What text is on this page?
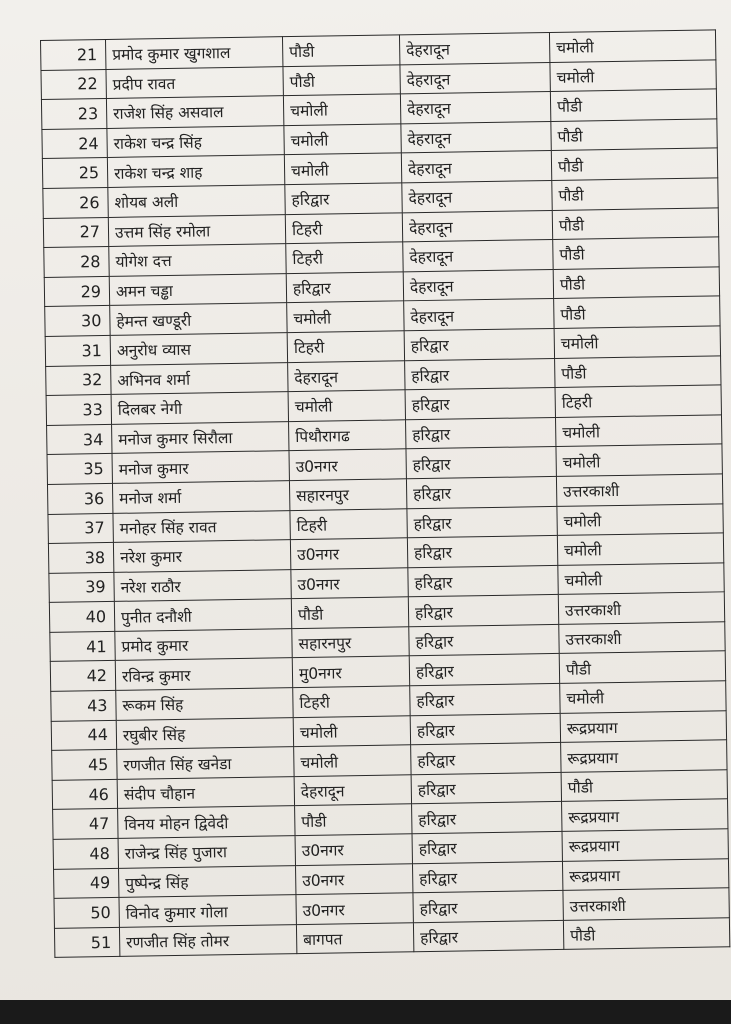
21	प्रमोद कुमार खुगशाल	पौडी	देहरादून	चमोली
22	प्रदीप रावत	पौडी	देहरादून	चमोली
23	राजेश सिंह असवाल	चमोली	देहरादून	पौडी
24	राकेश चन्द्र सिंह	चमोली	देहरादून	पौडी
25	राकेश चन्द्र शाह	चमोली	देहरादून	पौडी
26	शोयब अली	हरिद्वार	देहरादून	पौडी
27	उत्तम सिंह रमोला	टिहरी	देहरादून	पौडी
28	योगेश दत्त	टिहरी	देहरादून	पौडी
29	अमन चड्ढा	हरिद्वार	देहरादून	पौडी
30	हेमन्त खण्डूरी	चमोली	देहरादून	पौडी
31	अनुरोध व्यास	टिहरी	हरिद्वार	चमोली
32	अभिनव शर्मा	देहरादून	हरिद्वार	पौडी
33	दिलबर नेगी	चमोली	हरिद्वार	टिहरी
34	मनोज कुमार सिरौला	पिथौरागढ	हरिद्वार	चमोली
35	मनोज कुमार	उ0नगर	हरिद्वार	चमोली
36	मनोज शर्मा	सहारनपुर	हरिद्वार	उत्तरकाशी
37	मनोहर सिंह रावत	टिहरी	हरिद्वार	चमोली
38	नरेश कुमार	उ0नगर	हरिद्वार	चमोली
39	नरेश राठौर	उ0नगर	हरिद्वार	चमोली
40	पुनीत दनौशी	पौडी	हरिद्वार	उत्तरकाशी
41	प्रमोद कुमार	सहारनपुर	हरिद्वार	उत्तरकाशी
42	रविन्द्र कुमार	मु0नगर	हरिद्वार	पौडी
43	रूकम सिंह	टिहरी	हरिद्वार	चमोली
44	रघुबीर सिंह	चमोली	हरिद्वार	रूद्रप्रयाग
45	रणजीत सिंह खनेडा	चमोली	हरिद्वार	रूद्रप्रयाग
46	संदीप चौहान	देहरादून	हरिद्वार	पौडी
47	विनय मोहन द्विवेदी	पौडी	हरिद्वार	रूद्रप्रयाग
48	राजेन्द्र सिंह पुजारा	उ0नगर	हरिद्वार	रूद्रप्रयाग
49	पुष्पेन्द्र सिंह	उ0नगर	हरिद्वार	रूद्रप्रयाग
50	विनोद कुमार गोला	उ0नगर	हरिद्वार	उत्तरकाशी
51	रणजीत सिंह तोमर	बागपत	हरिद्वार	पौडी
